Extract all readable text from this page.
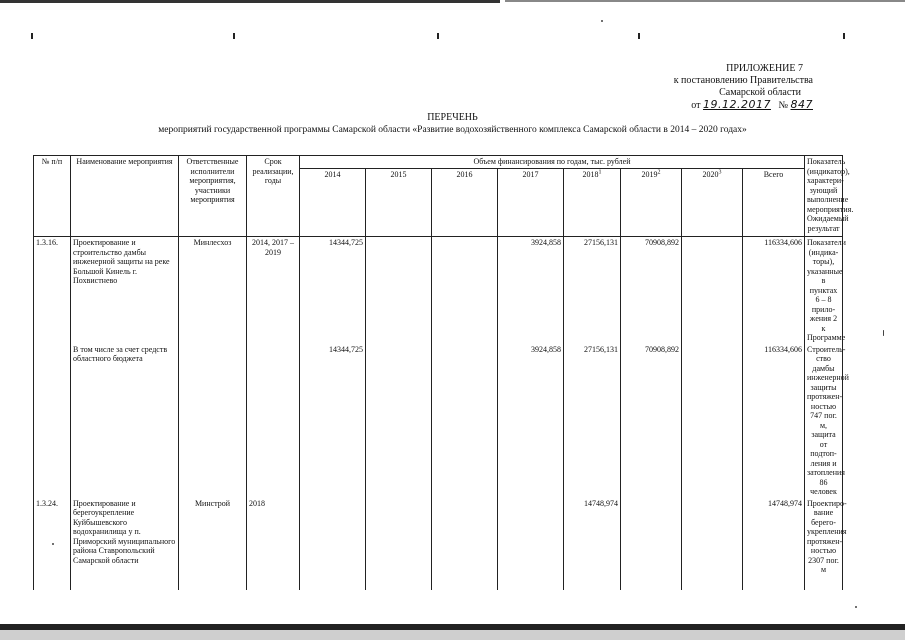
ПРИЛОЖЕНИЕ 7
к постановлению Правительства
Самарской области
от 19.12.2017 № 847
ПЕРЕЧЕНЬ
мероприятий государственной программы Самарской области «Развитие водохозяйственного комплекса Самарской области в 2014 – 2020 годах»
№ п/п	Наименование мероприятия	Ответственные исполнители мероприятия, участники мероприятия	Срок реализации, годы	Объем финансирования по годам, тыс. рублей								Показатель (индикатор), характери-зующий выполнение мероприятия. Ожидаемый результат
				2014	2015	2016	2017	2018$^1$	2019$^2$	2020$^3$	Всего	
1.3.16.	Проектирование и строительство дамбы инженерной защиты на реке Большой Кинель г. Похвистнево	Минлесхоз	2014, 2017 – 2019	14344,725			3924,858	27156,131	70908,892		116334,606	Показатели (индика-торы), указанные в пунктах 6 – 8 прило-жения 2 к Программе
	В том числе за счет средств областного бюджета			14344,725			3924,858	27156,131	70908,892		116334,606	Строитель-ство дамбы инженерной защиты протяжен-ностью 747 пог. м, защита от подтоп-ления и затопления 86 человек
1.3.24.	Проектирование и берегоукрепление Куйбышевского водохранилища у п. Приморский муниципального района Ставропольский Самарской области	Минстрой	2018					14748,974			14748,974	Проектиро-вание берего-укрепления протяжен-ностью 2307 пог. м
